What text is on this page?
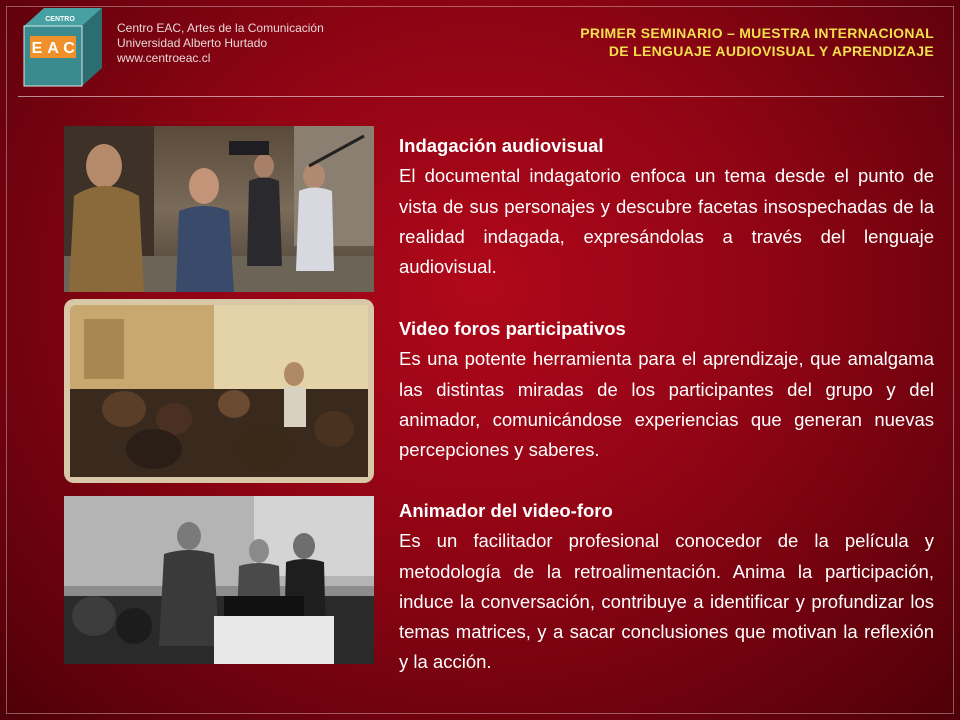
CENTRO
E A C
Centro EAC, Artes de la Comunicación
Universidad Alberto Hurtado
www.centroeac.cl
PRIMER SEMINARIO – MUESTRA INTERNACIONAL
DE LENGUAJE AUDIOVISUAL Y APRENDIZAJE
Indagación audiovisual

El documental indagatorio enfoca un tema desde el punto de vista de sus personajes y descubre facetas insospechadas de la realidad indagada, expresándolas a través del lenguaje audiovisual.

Video foros participativos

Es una potente herramienta para el aprendizaje, que amalgama las distintas miradas de los participantes del grupo y del animador, comunicándose experiencias que generan nuevas percepciones y saberes.

Animador del video-foro

Es un facilitador profesional conocedor de la película y metodología de la retroalimentación. Anima la participación, induce la conversación, contribuye a identificar y profundizar los temas matrices, y a sacar conclusiones que motivan la reflexión y la acción.
